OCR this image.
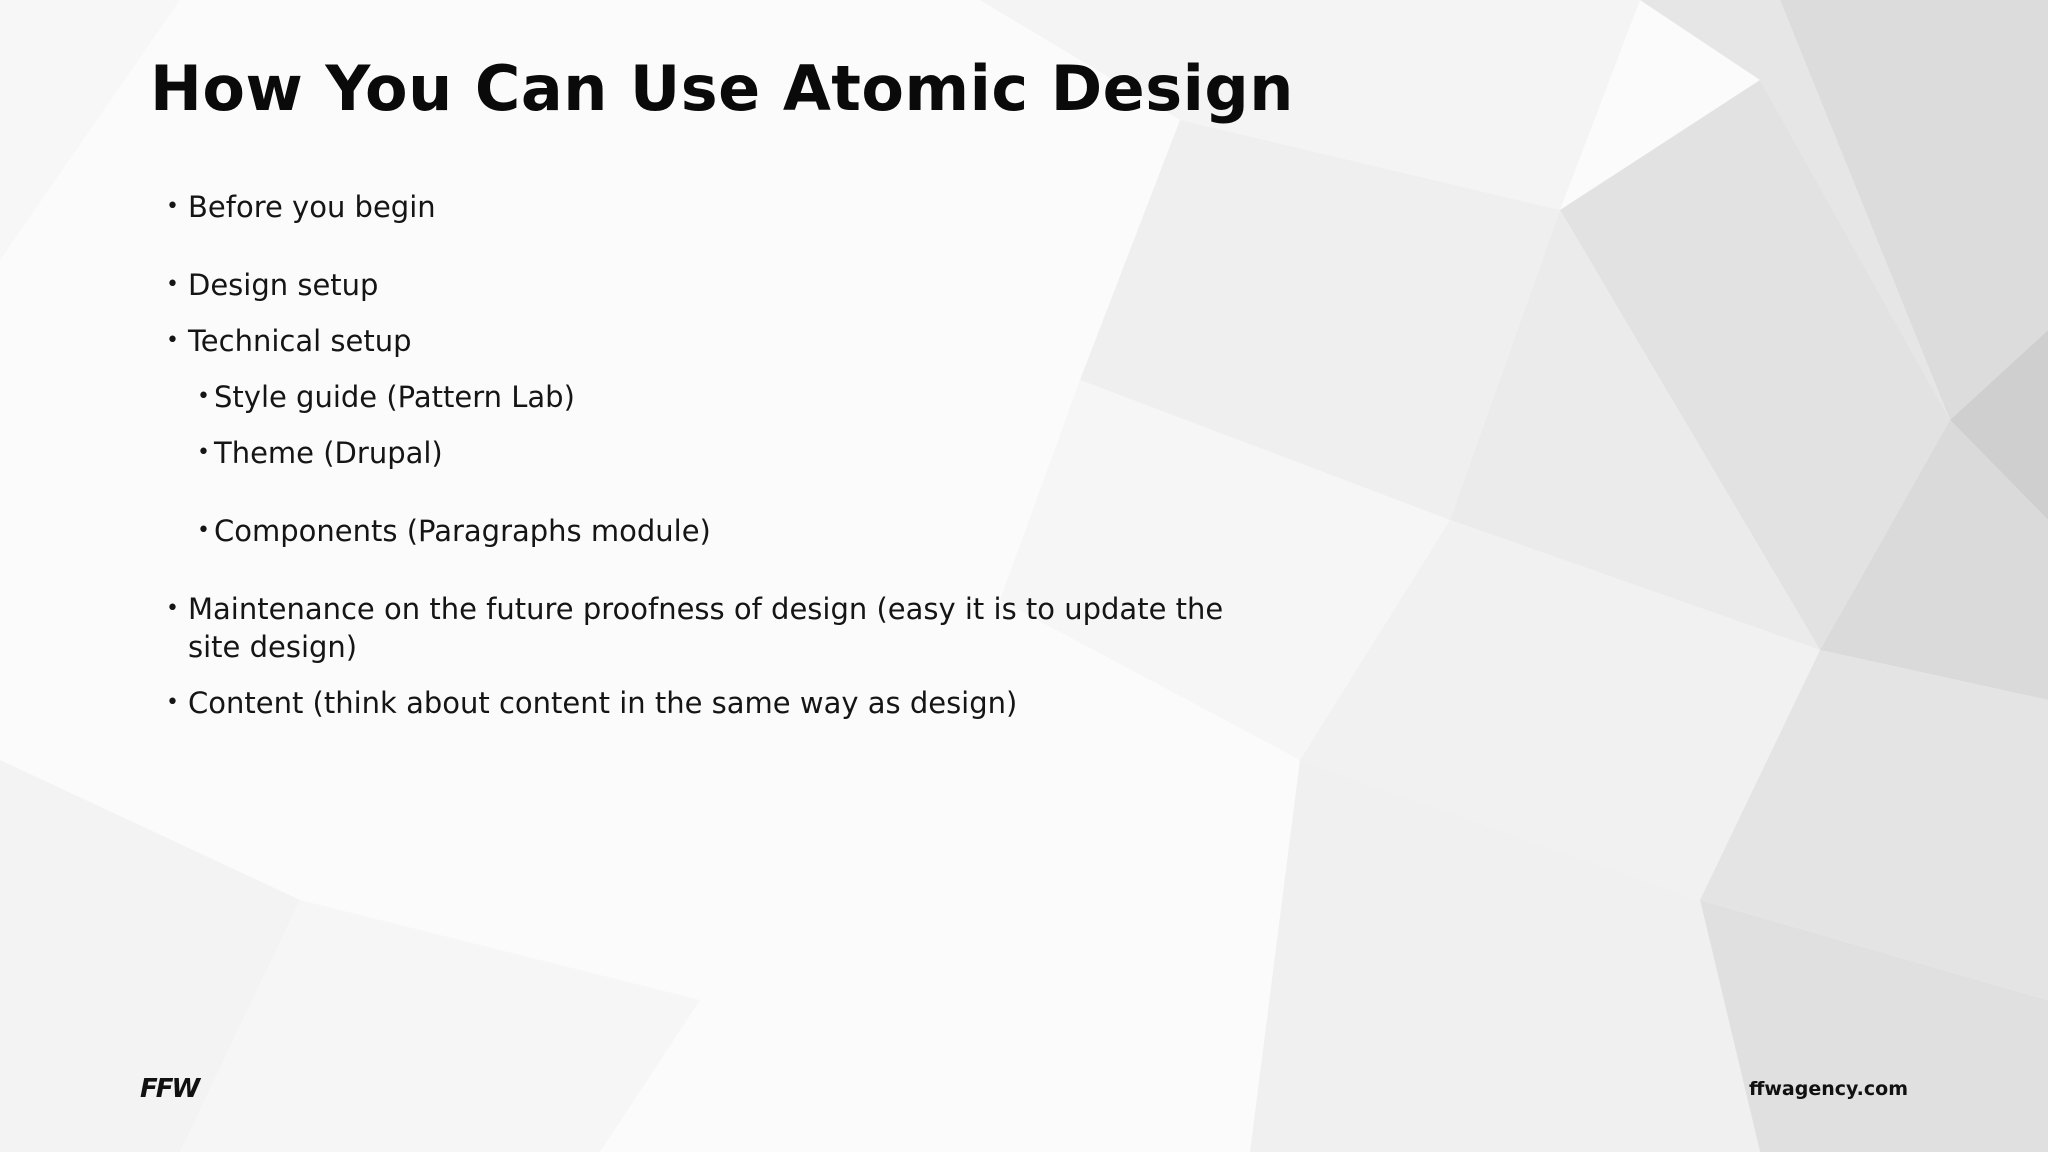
How You Can Use Atomic Design
• Before you begin
• Design setup
• Technical setup
• Style guide (Pattern Lab)
• Theme (Drupal)
• Components (Paragraphs module)
• Maintenance on the future proofness of design (easy it is to update the site design)
• Content (think about content in the same way as design)
FFW	ffwagency.com
